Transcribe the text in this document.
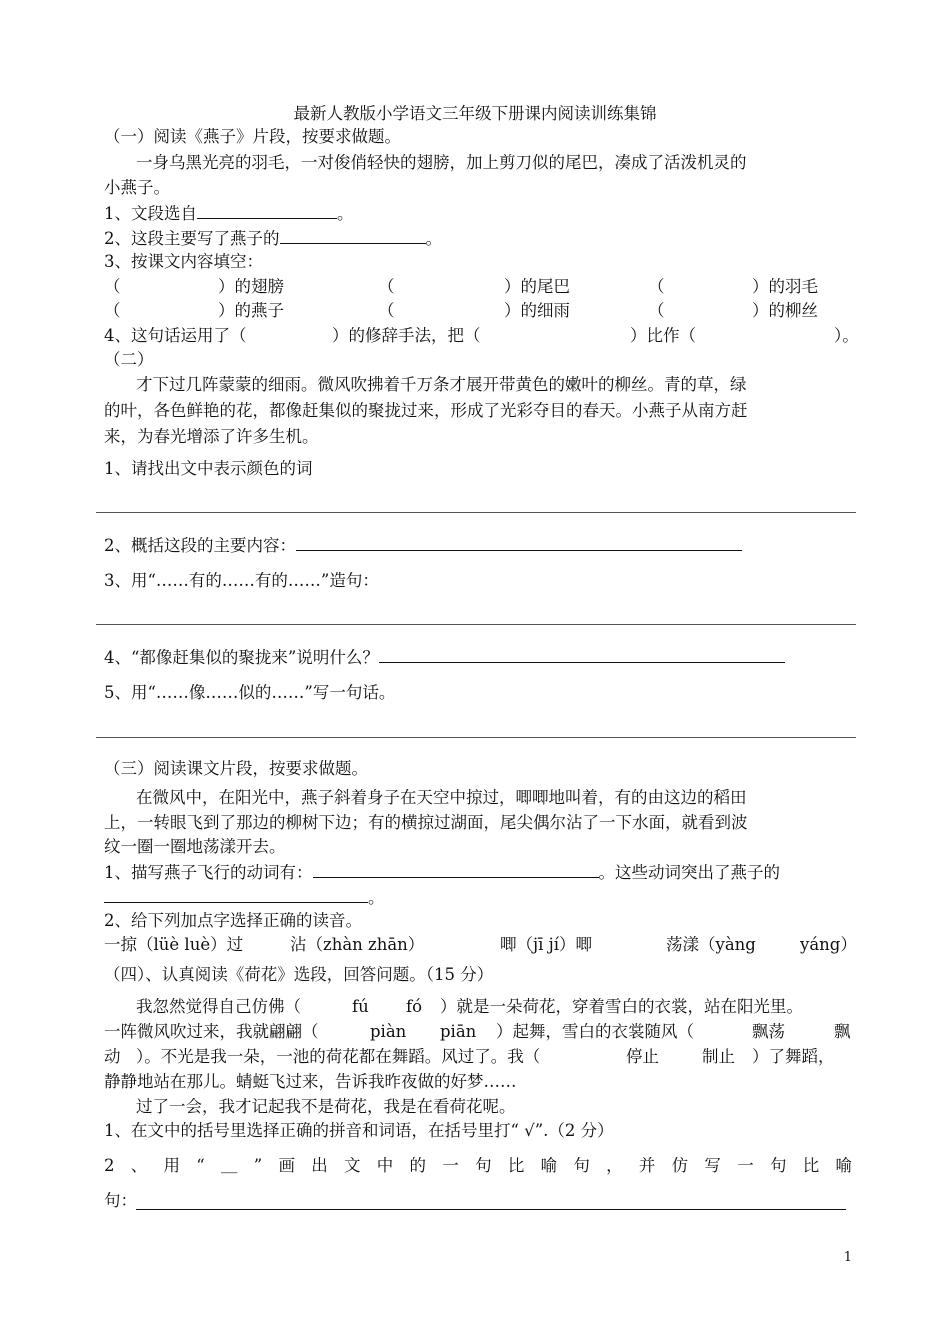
最新人教版小学语文三年级下册课内阅读训练集锦
（一）阅读《燕子》片段，按要求做题。
一身乌黑光亮的羽毛，一对俊俏轻快的翅膀，加上剪刀似的尾巴，凑成了活泼机灵的
小燕子。
1、文段选自	。
2、这段主要写了燕子的	。
3、按课文内容填空：
（	）的翅膀	（	）的尾巴	（	）的羽毛
（	）的燕子	（	）的细雨	（	）的柳丝
4、这句话运用了（	）的修辞手法，把（	）比作（	）。
（二）
才下过几阵蒙蒙的细雨。微风吹拂着千万条才展开带黄色的嫩叶的柳丝。青的草，绿
的叶，各色鲜艳的花，都像赶集似的聚拢过来，形成了光彩夺目的春天。小燕子从南方赶
来，为春光增添了许多生机。
1、请找出文中表示颜色的词
2、概括这段的主要内容：
3、用“……有的……有的……”造句：
4、“都像赶集似的聚拢来”说明什么？
5、用“……像……似的……”写一句话。
（三）阅读课文片段，按要求做题。
在微风中，在阳光中，燕子斜着身子在天空中掠过，唧唧地叫着，有的由这边的稻田
上，一转眼飞到了那边的柳树下边；有的横掠过湖面，尾尖偶尔沾了一下水面，就看到波
纹一圈一圈地荡漾开去。
1、描写燕子飞行的动词有：	。这些动词突出了燕子的
。
2、给下列加点字选择正确的读音。
一掠（lüè luè）过	沾（zhàn zhān）	唧（jī jí）唧	荡漾（yàng	yáng）
（四）、认真阅读《荷花》选段，回答问题。（15 分）
我忽然觉得自己仿佛（	fú fó ）就是一朵荷花，穿着雪白的衣裳，站在阳光里。
一阵微风吹过来，我就翩翩（	piàn piān ）起舞，雪白的衣裳随风（	飘荡	飘
动 ）。不光是我一朵，一池的荷花都在舞蹈。风过了。我（	停止	制止 ）了舞蹈，
静静地站在那儿。蜻蜓飞过来，告诉我昨夜做的好梦……
过了一会，我才记起我不是荷花，我是在看荷花呢。
1、在文中的括号里选择正确的拼音和词语，在括号里打“ √”.（2 分）
2 、 用 “ ＿ ” 画 出 文 中 的 一 句 比 喻 句 ， 并 仿 写 一 句 比 喻
句：
1
